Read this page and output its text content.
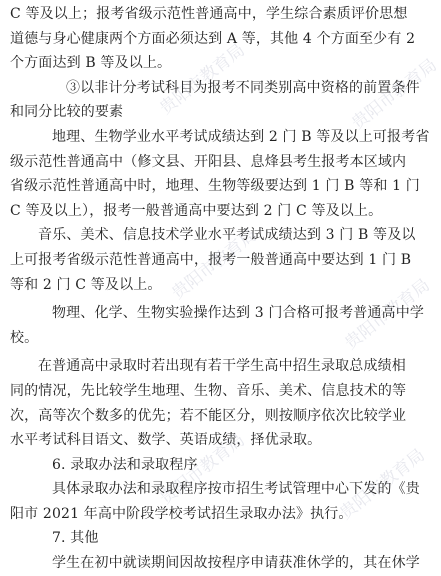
C 等及以上；报考省级示范性普通高中，学生综合素质评价思想
道德与身心健康两个方面必须达到 A 等，其他 4 个方面至少有 2
个方面达到 B 等及以上。
③以非计分考试科目为报考不同类别高中资格的前置条件
和同分比较的要素
地理、生物学业水平考试成绩达到 2 门 B 等及以上可报考省
级示范性普通高中（修文县、开阳县、息烽县考生报考本区域内
省级示范性普通高中时，地理、生物等级要达到 1 门 B 等和 1 门
C 等及以上），报考一般普通高中要达到 2 门 C 等及以上。
音乐、美术、信息技术学业水平考试成绩达到 3 门 B 等及以
上可报考省级示范性普通高中，报考一般普通高中要达到 1 门 B
等和 2 门 C 等及以上。
物理、化学、生物实验操作达到 3 门合格可报考普通高中学
校。
在普通高中录取时若出现有若干学生高中招生录取总成绩相
同的情况，先比较学生地理、生物、音乐、美术、信息技术的等
次，高等次个数多的优先；若不能区分，则按顺序依次比较学业
水平考试科目语文、数学、英语成绩，择优录取。
6. 录取办法和录取程序
具体录取办法和录取程序按市招生考试管理中心下发的《贵
阳市 2021 年高中阶段学校考试招生录取办法》执行。
7. 其他
学生在初中就读期间因故按程序申请获准休学的，其在休学
贵阳市教育局	贵阳市教育局
贵阳市教育局
贵阳市教育局
贵阳市教育局	贵阳市教育局
